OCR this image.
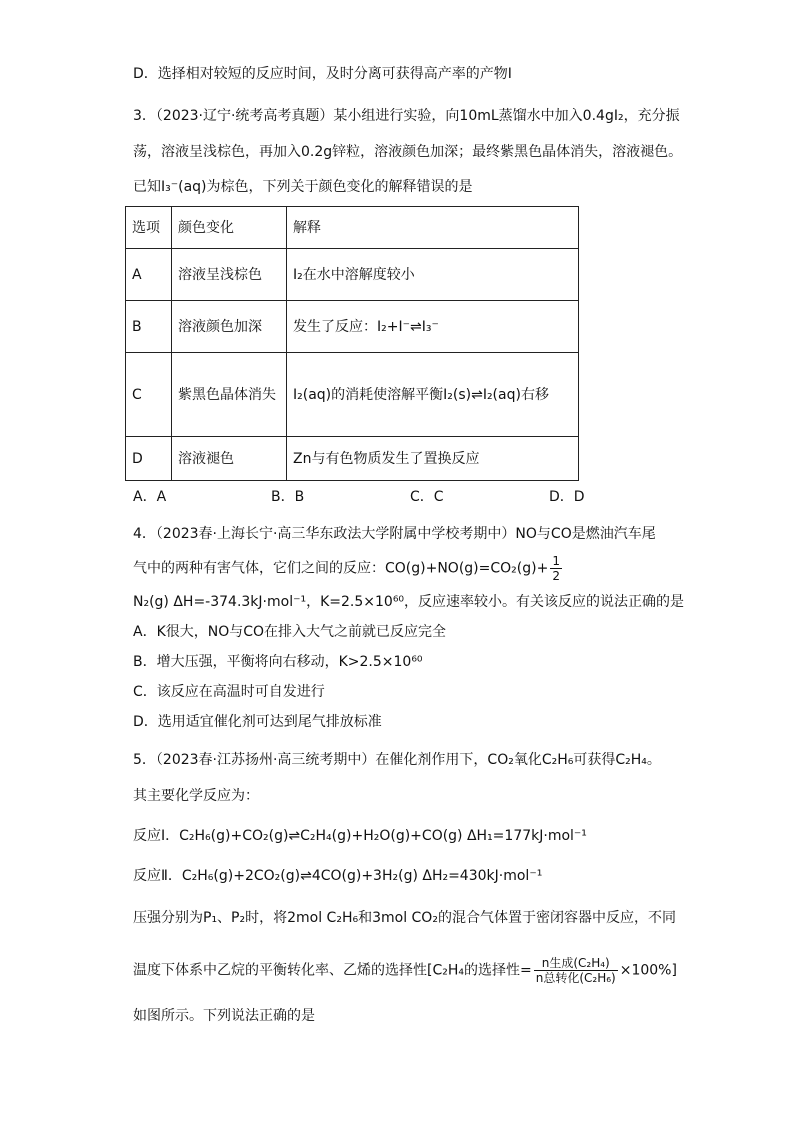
D．选择相对较短的反应时间，及时分离可获得高产率的产物Ⅰ
3．（2023·辽宁·统考高考真题）某小组进行实验，向10mL蒸馏水中加入0.4gI₂，充分振
荡，溶液呈浅棕色，再加入0.2g锌粒，溶液颜色加深；最终紫黑色晶体消失，溶液褪色。
已知I₃⁻(aq)为棕色，下列关于颜色变化的解释错误的是
选项	颜色变化	解释
A	溶液呈浅棕色	I₂在水中溶解度较小
B	溶液颜色加深	发生了反应：I₂+I⁻⇌I₃⁻
C	紫黑色晶体消失	I₂(aq)的消耗使溶解平衡I₂(s)⇌I₂(aq)右移
D	溶液褪色	Zn与有色物质发生了置换反应
A．A	B．B	C．C	D．D
4．（2023春·上海长宁·高三华东政法大学附属中学校考期中）NO与CO是燃油汽车尾
气中的两种有害气体，它们之间的反应：$CO(g)+NO(g)=CO_2(g)+ \frac{1}{2}$
N₂(g) ΔH=-374.3kJ·mol⁻¹，K=2.5×10⁶⁰，反应速率较小。有关该反应的说法正确的是
A．K很大，NO与CO在排入大气之前就已反应完全
B．增大压强，平衡将向右移动，K>2.5×10⁶⁰
C．该反应在高温时可自发进行
D．选用适宜催化剂可达到尾气排放标准
5．（2023春·江苏扬州·高三统考期中）在催化剂作用下，CO₂氧化C₂H₆可获得C₂H₄。
其主要化学反应为：
反应Ⅰ．C₂H₆(g)+CO₂(g)⇌C₂H₄(g)+H₂O(g)+CO(g) ΔH₁=177kJ·mol⁻¹
反应Ⅱ．C₂H₆(g)+2CO₂(g)⇌4CO(g)+3H₂(g) ΔH₂=430kJ·mol⁻¹
压强分别为P₁、P₂时，将2mol C₂H₆和3mol CO₂的混合气体置于密闭容器中反应，不同
温度下体系中乙烷的平衡转化率、乙烯的选择性[C₂H₄的选择性= $\frac{\text{n生成(C₂H₄)}}{\text{n总转化(C₂H₆)}} \times 100\%$]
如图所示。下列说法正确的是
